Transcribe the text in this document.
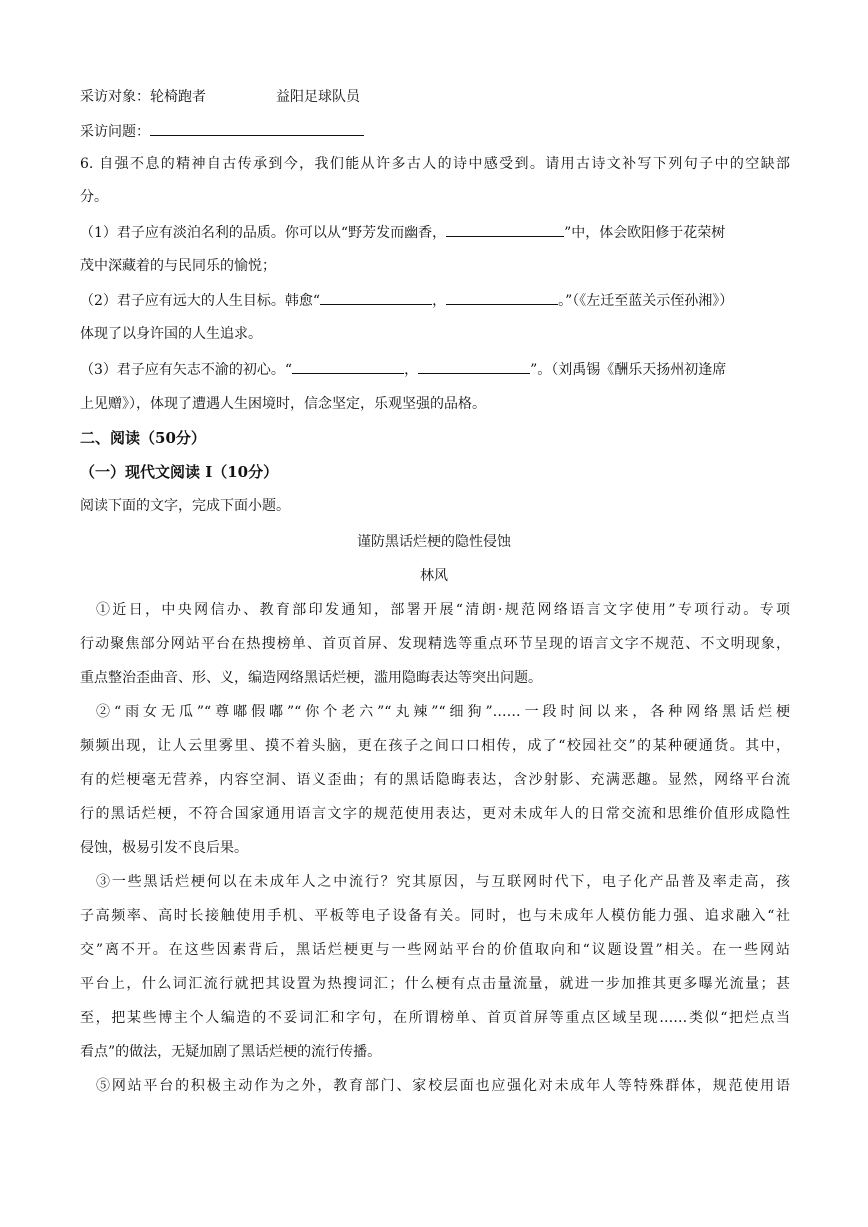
采访对象：轮椅跑者	益阳足球队员
采访问题：
6. 自强不息的精神自古传承到今，我们能从许多古人的诗中感受到。请用古诗文补写下列句子中的空缺部
分。
（1）君子应有淡泊名利的品质。你可以从“野芳发而幽香，	”中，体会欧阳修于花荣树
茂中深藏着的与民同乐的愉悦；
（2）君子应有远大的人生目标。韩愈“	，	。”（《左迁至蓝关示侄孙湘》）
体现了以身许国的人生追求。
（3）君子应有矢志不渝的初心。“	，	”。（刘禹锡《酬乐天扬州初逢席
上见赠》），体现了遭遇人生困境时，信念坚定，乐观坚强的品格。
二、阅读（50分）
（一）现代文阅读 I（10分）
阅读下面的文字，完成下面小题。
谨防黑话烂梗的隐性侵蚀
林风
①近日，中央网信办、教育部印发通知，部署开展“清朗·规范网络语言文字使用”专项行动。专项
行动聚焦部分网站平台在热搜榜单、首页首屏、发现精选等重点环节呈现的语言文字不规范、不文明现象，
重点整治歪曲音、形、义，编造网络黑话烂梗，滥用隐晦表达等突出问题。
②“雨女无瓜”“尊嘟假嘟”“你个老六”“丸辣”“细狗”……一段时间以来，各种网络黑话烂梗
频频出现，让人云里雾里、摸不着头脑，更在孩子之间口口相传，成了“校园社交”的某种硬通货。其中，
有的烂梗毫无营养，内容空洞、语义歪曲；有的黑话隐晦表达，含沙射影、充满恶趣。显然，网络平台流
行的黑话烂梗，不符合国家通用语言文字的规范使用表达，更对未成年人的日常交流和思维价值形成隐性
侵蚀，极易引发不良后果。
③一些黑话烂梗何以在未成年人之中流行？究其原因，与互联网时代下，电子化产品普及率走高，孩
子高频率、高时长接触使用手机、平板等电子设备有关。同时，也与未成年人模仿能力强、追求融入“社
交”离不开。在这些因素背后，黑话烂梗更与一些网站平台的价值取向和“议题设置”相关。在一些网站
平台上，什么词汇流行就把其设置为热搜词汇；什么梗有点击量流量，就进一步加推其更多曝光流量；甚
至，把某些博主个人编造的不妥词汇和字句，在所谓榜单、首页首屏等重点区域呈现……类似“把烂点当
看点”的做法，无疑加剧了黑话烂梗的流行传播。
⑤网站平台的积极主动作为之外，教育部门、家校层面也应强化对未成年人等特殊群体，规范使用语
